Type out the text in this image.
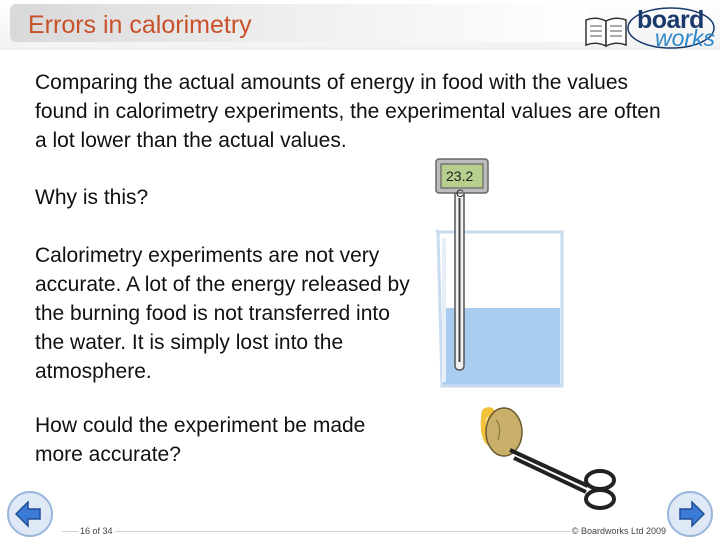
Errors in calorimetry	board
works
Comparing the actual amounts of energy in food with the values found in calorimetry experiments, the experimental values are often a lot lower than the actual values.
Why is this?
Calorimetry experiments are not very accurate. A lot of the energy released by the burning food is not transferred into the water. It is simply lost into the atmosphere.
How could the experiment be made more accurate?
23.2
C
16 of 34	© Boardworks Ltd 2009
